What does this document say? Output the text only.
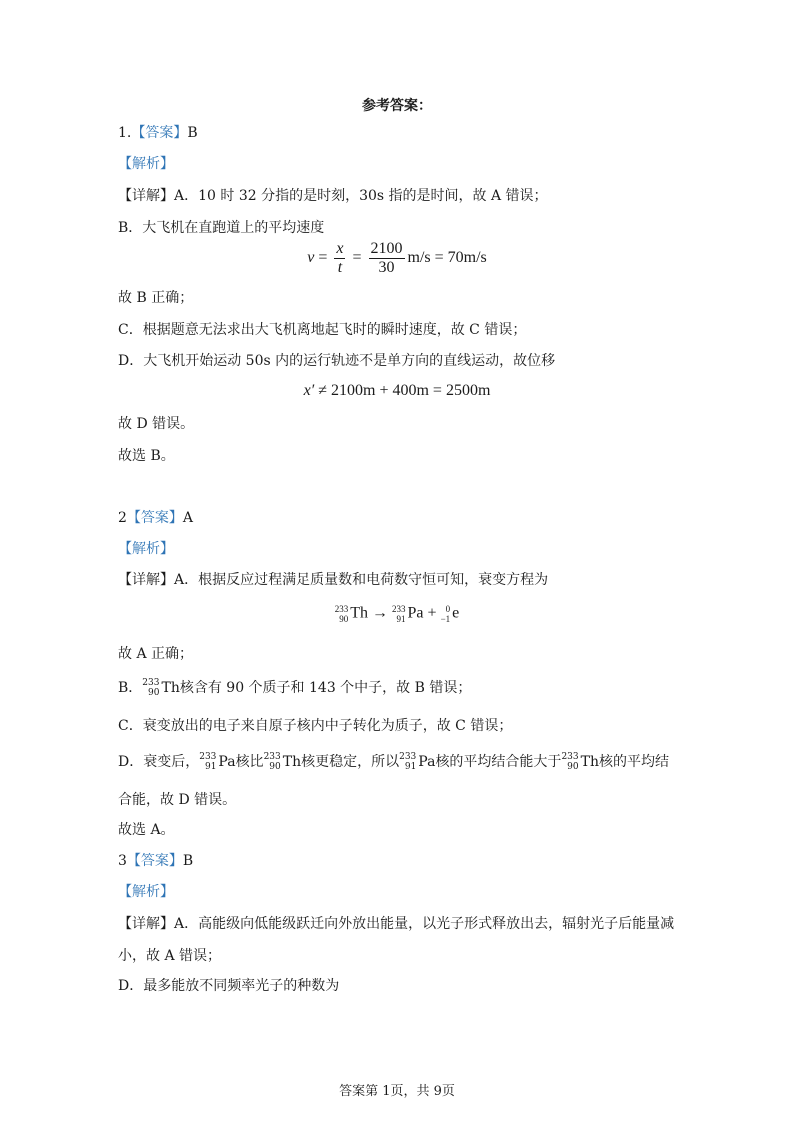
参考答案：
1.【答案】B
【解析】
【详解】A．10 时 32 分指的是时刻，30s 指的是时间，故 A 错误；
B．大飞机在直跑道上的平均速度
$v = \frac{x}{t} = \frac{2100}{30} m/s = 70m/s$
故 B 正确；
C．根据题意无法求出大飞机离地起飞时的瞬时速度，故 C 错误；
D．大飞机开始运动 50s 内的运行轨迹不是单方向的直线运动，故位移
x′ ≠ 2100m + 400m = 2500m
故 D 错误。
故选 B。
2【答案】A
【解析】
【详解】A．根据反应过程满足质量数和电荷数守恒可知，衰变方程为
233
90 Th → 233
91 Pa +	0
−1 e
故 A 正确；
B． 233
90 Th核含有 90 个质子和 143 个中子，故 B 错误；
C．衰变放出的电子来自原子核内中子转化为质子，故 C 错误；
D．衰变后， 233
91 Pa核比 233
90 Th核更稳定，所以 233
91 Pa核的平均结合能大于 233
90 Th核的平均结
合能，故 D 错误。
故选 A。
3【答案】B
【解析】
【详解】A．高能级向低能级跃迁向外放出能量，以光子形式释放出去，辐射光子后能量减
小，故 A 错误；
D．最多能放不同频率光子的种数为
答案第 1页，共 9页
